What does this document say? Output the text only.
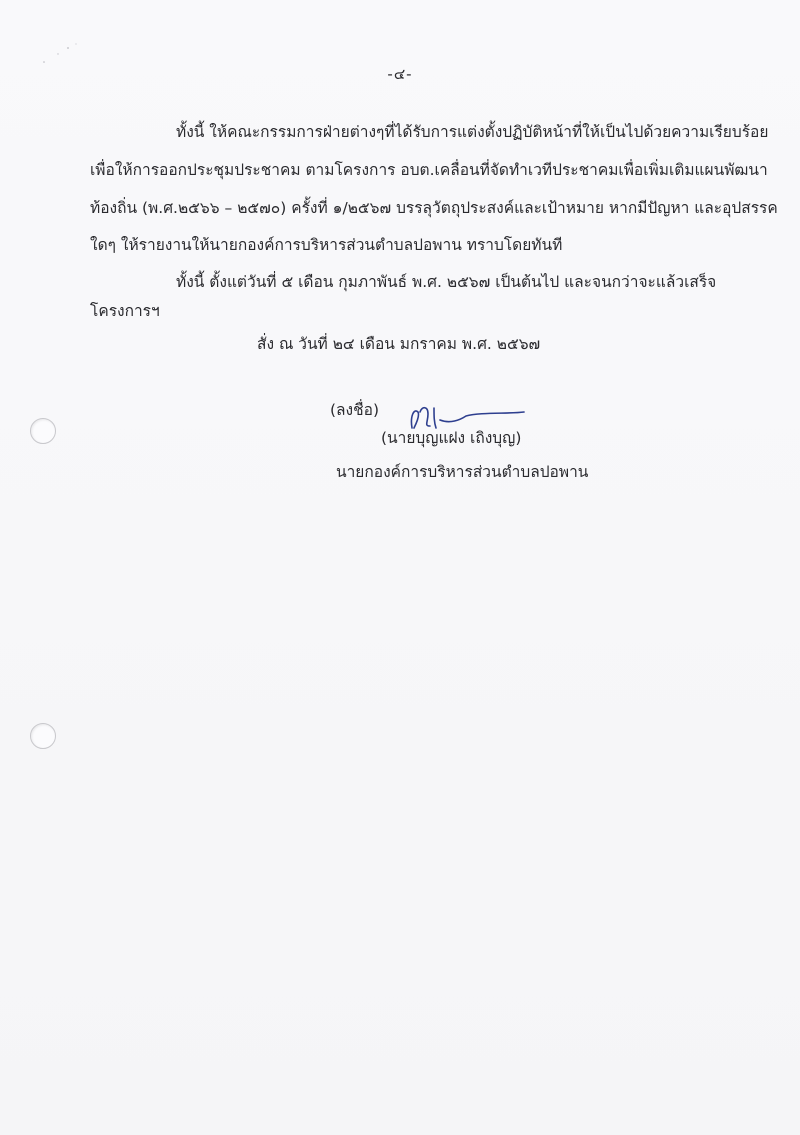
-๔-
ทั้งนี้ ให้คณะกรรมการฝ่ายต่างๆที่ได้รับการแต่งตั้งปฏิบัติหน้าที่ให้เป็นไปด้วยความเรียบร้อย
เพื่อให้การออกประชุมประชาคม ตามโครงการ อบต.เคลื่อนที่จัดทำเวทีประชาคมเพื่อเพิ่มเติมแผนพัฒนา
ท้องถิ่น (พ.ศ.๒๕๖๖ – ๒๕๗๐) ครั้งที่ ๑/๒๕๖๗ บรรลุวัตถุประสงค์และเป้าหมาย หากมีปัญหา และอุปสรรค
ใดๆ ให้รายงานให้นายกองค์การบริหารส่วนตำบลปอพาน ทราบโดยทันที
ทั้งนี้ ตั้งแต่วันที่ ๕ เดือน กุมภาพันธ์ พ.ศ. ๒๕๖๗ เป็นต้นไป และจนกว่าจะแล้วเสร็จ
โครงการฯ
สั่ง ณ วันที่ ๒๔ เดือน มกราคม พ.ศ. ๒๕๖๗
(ลงชื่อ)
(นายบุญแฝง เถิงบุญ)
นายกองค์การบริหารส่วนตำบลปอพาน
